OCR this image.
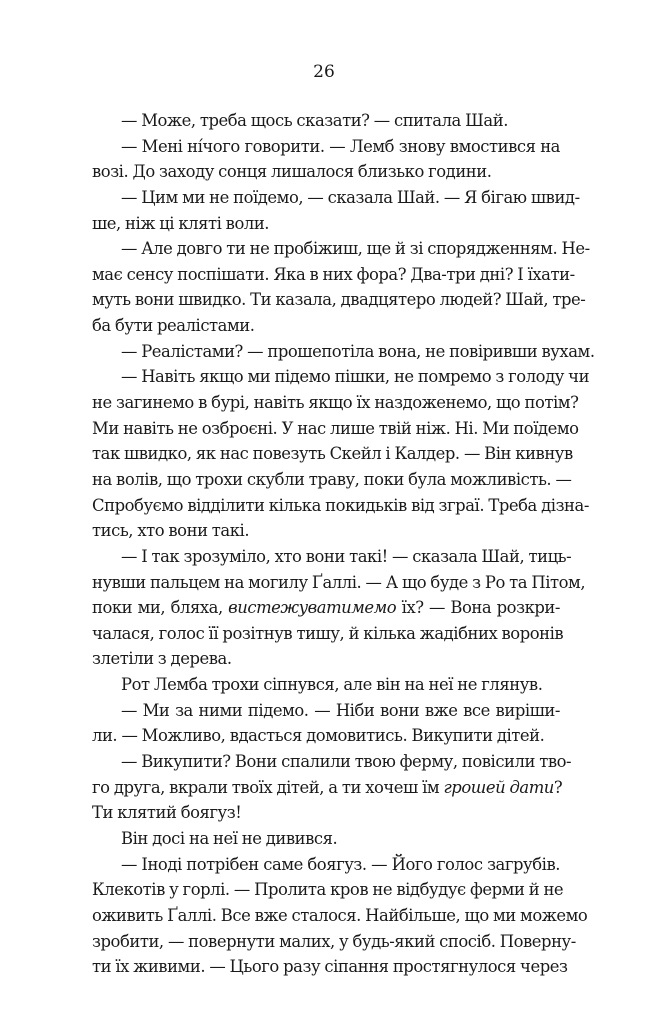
26
— Може, треба щось сказати? — спитала Шай.
— Мені нíчого говорити. — Лемб знову вмостився на
возі. До заходу сонця лишалося близько години.
— Цим ми не поїдемо, — сказала Шай. — Я бігаю швид-
ше, ніж ці кляті воли.
— Але довго ти не пробіжиш, ще й зі спорядженням. Не-
має сенсу поспішати. Яка в них фора? Два-три дні? І їхати-
муть вони швидко. Ти казала, двадцятеро людей? Шай, тре-
ба бути реалістами.
— Реалістами? — прошепотіла вона, не повіривши вухам.
— Навіть якщо ми підемо пішки, не помремо з голоду чи
не загинемо в бурі, навіть якщо їх наздоженемо, що потім?
Ми навіть не озброєні. У нас лише твій ніж. Ні. Ми поїдемо
так швидко, як нас повезуть Скейл і Калдер. — Він кивнув
на волів, що трохи скубли траву, поки була можливість. —
Спробуємо відділити кілька покидьків від зграї. Треба дізна-
тись, хто вони такі.
— І так зрозуміло, хто вони такі! — сказала Шай, тиць-
нувши пальцем на могилу Ґаллі. — А що буде з Ро та Пітом,
поки ми, бляха, вистежуватимемо їх? — Вона розкри-
чалася, голос її розітнув тишу, й кілька жадібних воронів
злетіли з дерева.
Рот Лемба трохи сіпнувся, але він на неї не глянув.
— Ми за ними підемо. — Ніби вони вже все виріши-
ли. — Можливо, вдасться домовитись. Викупити дітей.
— Викупити? Вони спалили твою ферму, повісили тво-
го друга, вкрали твоїх дітей, а ти хочеш їм грошей дати?
Ти клятий боягуз!
Він досі на неї не дивився.
— Іноді потрібен саме боягуз. — Його голос загрубів.
Клекотів у горлі. — Пролита кров не відбудує ферми й не
оживить Ґаллі. Все вже сталося. Найбільше, що ми можемо
зробити, — повернути малих, у будь-який спосіб. Поверну-
ти їх живими. — Цього разу сіпання простягнулося через
